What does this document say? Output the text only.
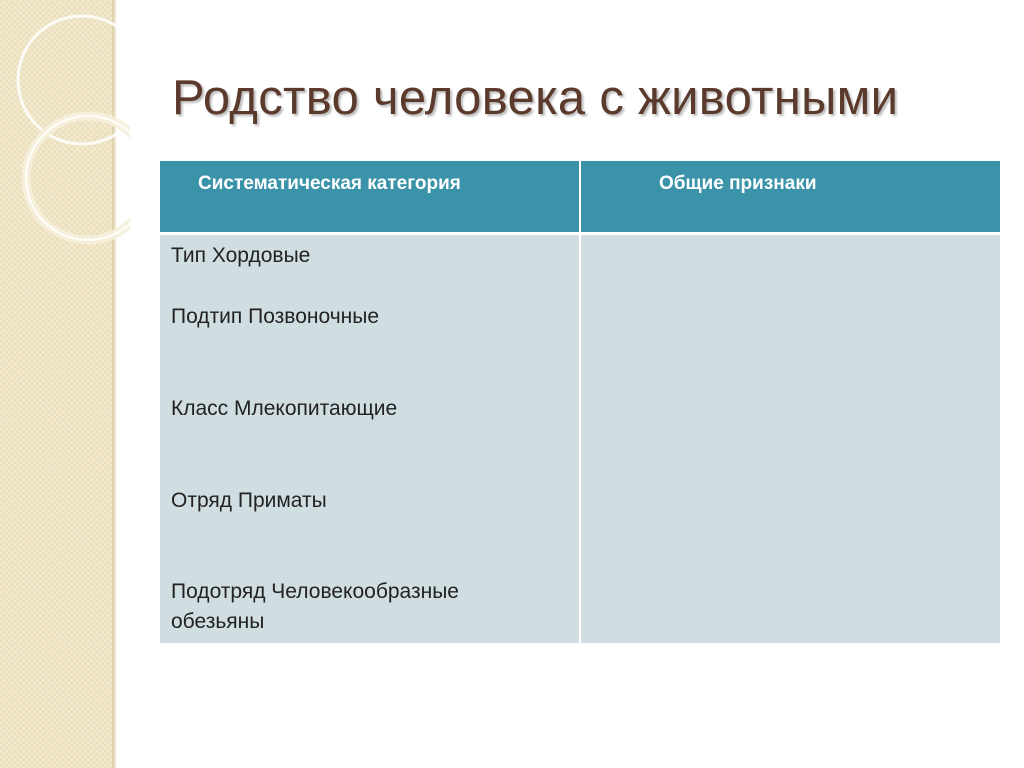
Родство человека с животными
Систематическая категория	Общие признаки
Тип Хордовые
Подтип Позвоночные
Класс Млекопитающие
Отряд Приматы
Подотряд Человекообразные
обезьяны
